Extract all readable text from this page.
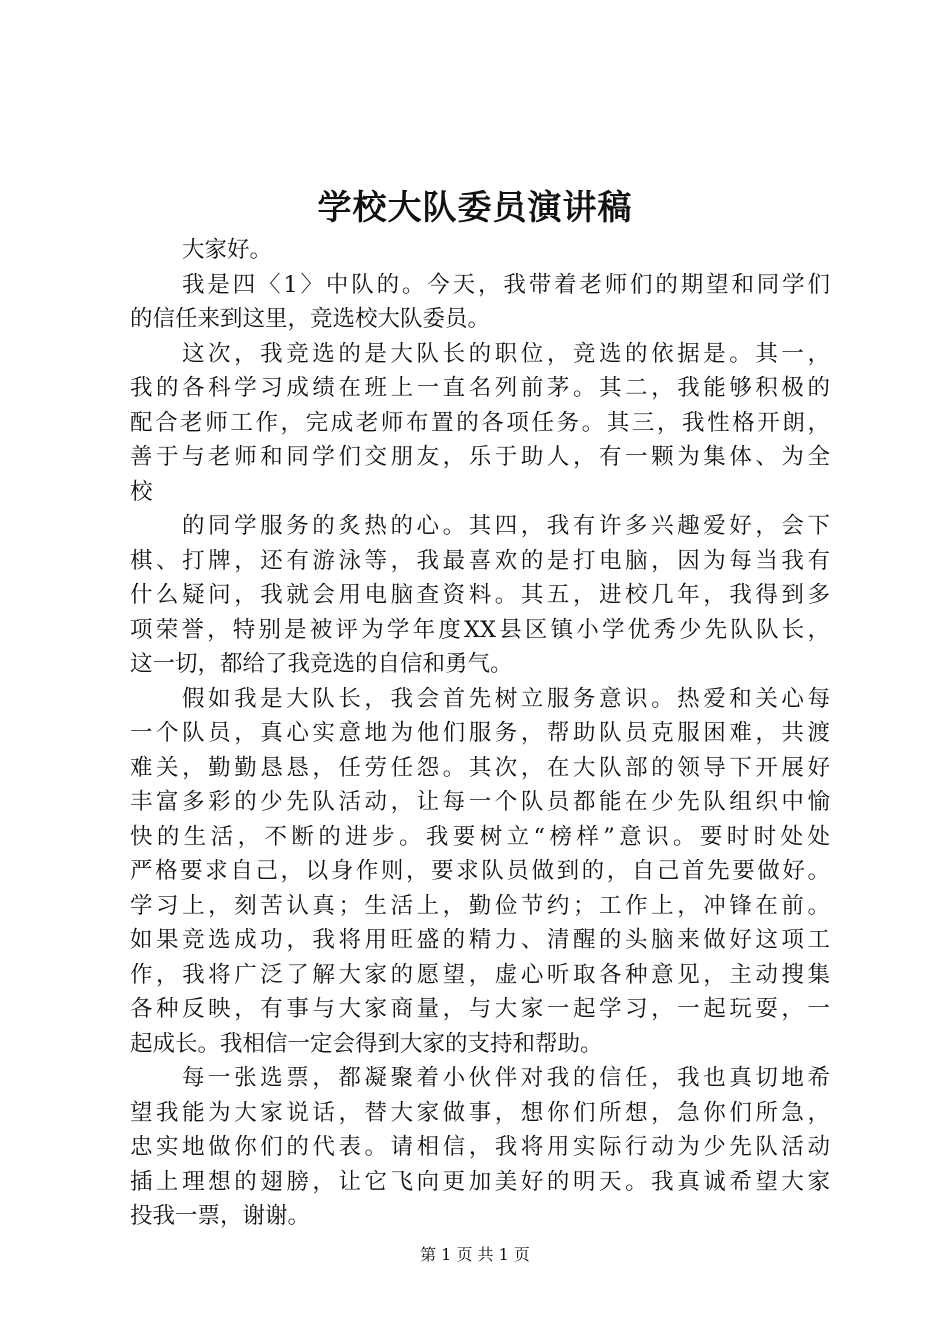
学校大队委员演讲稿
大家好。
我是四〈1〉中队的。今天，我带着老师们的期望和同学们
的信任来到这里，竞选校大队委员。
这次，我竞选的是大队长的职位，竞选的依据是。其一，
我的各科学习成绩在班上一直名列前茅。其二，我能够积极的
配合老师工作，完成老师布置的各项任务。其三，我性格开朗，
善于与老师和同学们交朋友，乐于助人，有一颗为集体、为全
校
的同学服务的炙热的心。其四，我有许多兴趣爱好，会下
棋、打牌，还有游泳等，我最喜欢的是打电脑，因为每当我有
什么疑问，我就会用电脑查资料。其五，进校几年，我得到多
项荣誉，特别是被评为学年度XX县区镇小学优秀少先队队长，
这一切，都给了我竞选的自信和勇气。
假如我是大队长，我会首先树立服务意识。热爱和关心每
一个队员，真心实意地为他们服务，帮助队员克服困难，共渡
难关，勤勤恳恳，任劳任怨。其次，在大队部的领导下开展好
丰富多彩的少先队活动，让每一个队员都能在少先队组织中愉
快的生活，不断的进步。我要树立“榜样”意识。要时时处处
严格要求自己，以身作则，要求队员做到的，自己首先要做好。
学习上，刻苦认真；生活上，勤俭节约；工作上，冲锋在前。
如果竞选成功，我将用旺盛的精力、清醒的头脑来做好这项工
作，我将广泛了解大家的愿望，虚心听取各种意见，主动搜集
各种反映，有事与大家商量，与大家一起学习，一起玩耍，一
起成长。我相信一定会得到大家的支持和帮助。
每一张选票，都凝聚着小伙伴对我的信任，我也真切地希
望我能为大家说话，替大家做事，想你们所想，急你们所急，
忠实地做你们的代表。请相信，我将用实际行动为少先队活动
插上理想的翅膀，让它飞向更加美好的明天。我真诚希望大家
投我一票，谢谢。
第 1 页 共 1 页
